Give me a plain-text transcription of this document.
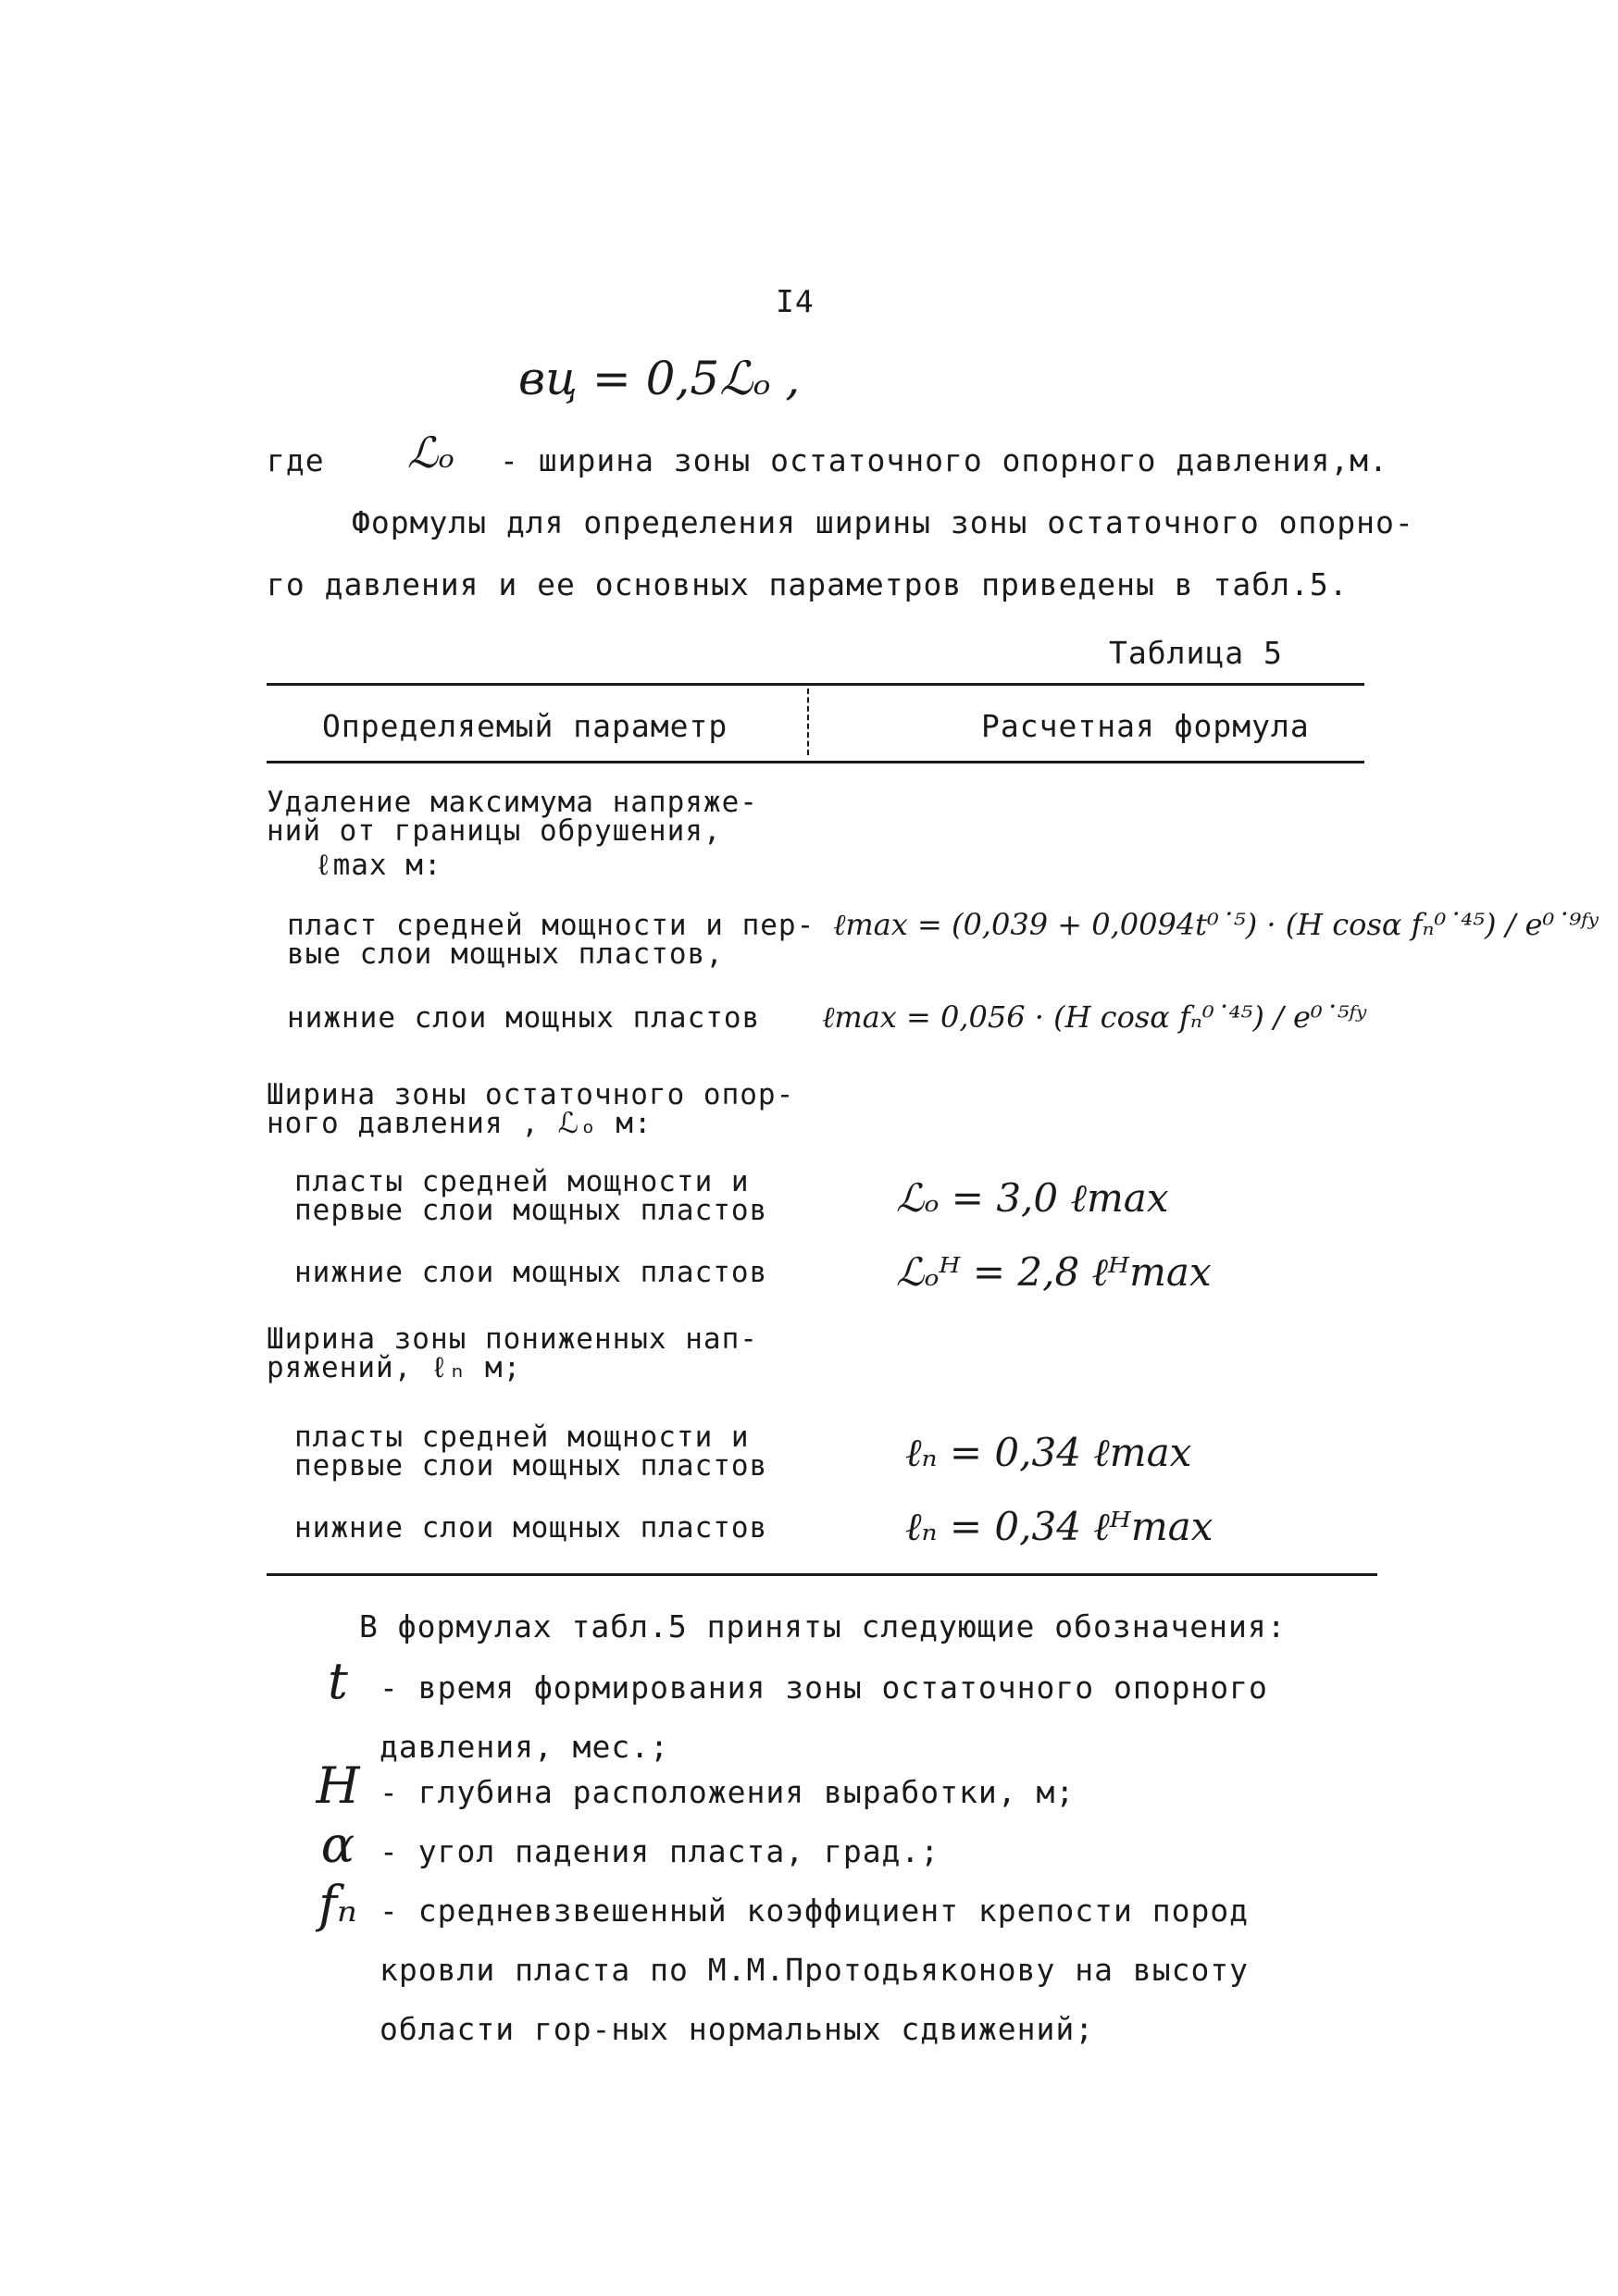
I4
вц = 0,5ℒₒ ,
где ℒₒ - ширина зоны остаточного опорного давления,м.
Формулы для определения ширины зоны остаточного опорно-
го давления и ее основных параметров приведены в табл.5.
Таблица 5
Определяемый параметр	Расчетная формула
Удаление максимума напряже-
ний от границы обрушения,
ℓmax м:
пласт средней мощности и пер-
вые слои мощных пластов,
ℓmax = (0,039 + 0,0094t⁰˙⁵) · (H cosα fₙ⁰˙⁴⁵) / e⁰˙⁹ᶠʸ
нижние слои мощных пластов ℓmax = 0,056 · (H cosα fₙ⁰˙⁴⁵) / e⁰˙⁵ᶠʸ
Ширина зоны остаточного опор-
ного давления , ℒₒ м:
пласты средней мощности и
первые слои мощных пластов	ℒₒ = 3,0 ℓmax
нижние слои мощных пластов	ℒₒᴴ = 2,8 ℓᴴmax
Ширина зоны пониженных нап-
ряжений, ℓₙ м;
пласты средней мощности и
первые слои мощных пластов	ℓₙ = 0,34 ℓmax
нижние слои мощных пластов	ℓₙ = 0,34 ℓᴴmax
В формулах табл.5 приняты следующие обозначения:
t	- время формирования зоны остаточного опорного давления, мес.;
H - глубина расположения выработки, м;
α - угол падения пласта, град.;
fₙ - средневзвешенный коэффициент крепости пород кровли пласта по М.М.Протодьяконову на высоту области гор-ных нормальных сдвижений;
